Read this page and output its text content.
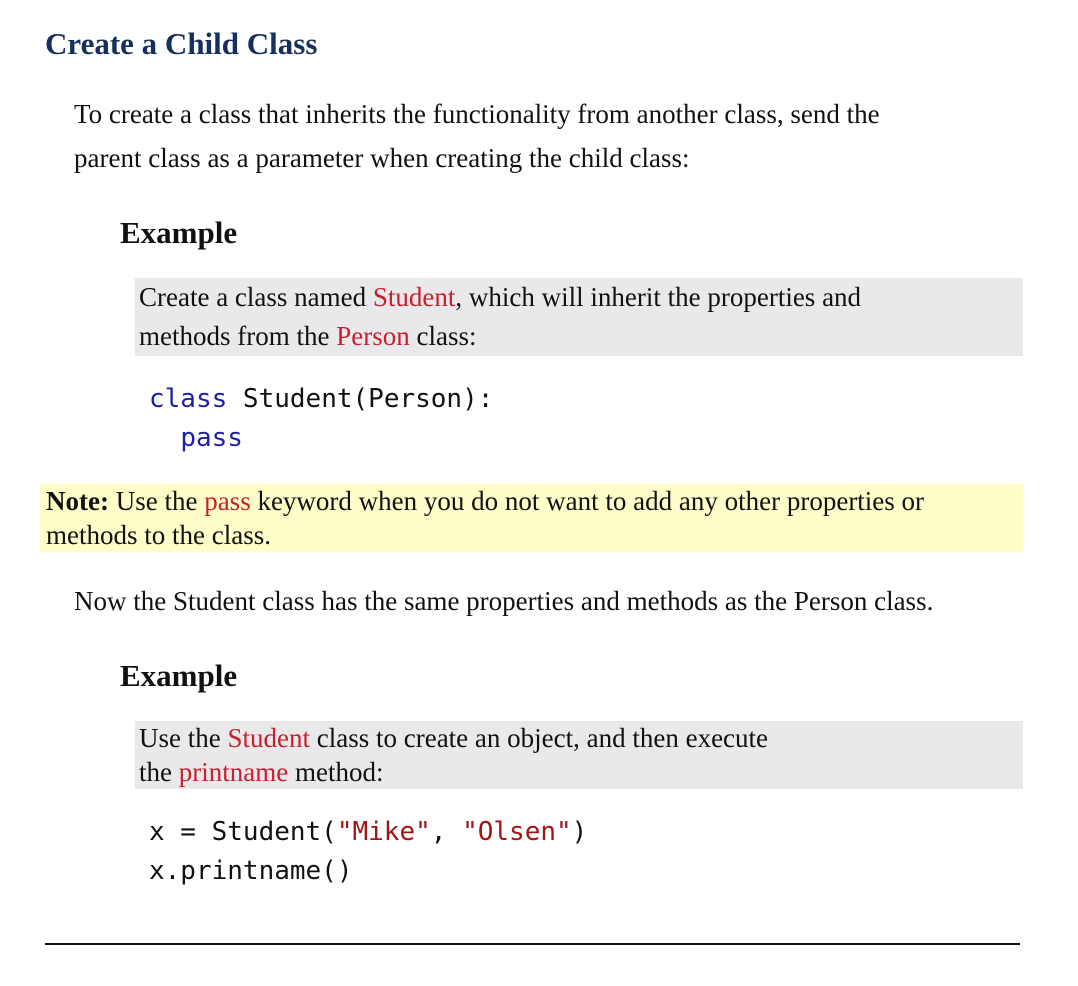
Create a Child Class
To create a class that inherits the functionality from another class, send the
parent class as a parameter when creating the child class:
Example
Create a class named Student, which will inherit the properties and
methods from the Person class:
class Student(Person):
pass

Note: Use the pass keyword when you do not want to add any other properties or

methods to the class.

Now the Student class has the same properties and methods as the Person class.

Example
Use the Student class to create an object, and then execute
the printname method:
x = Student("Mike", "Olsen")
x.printname()
